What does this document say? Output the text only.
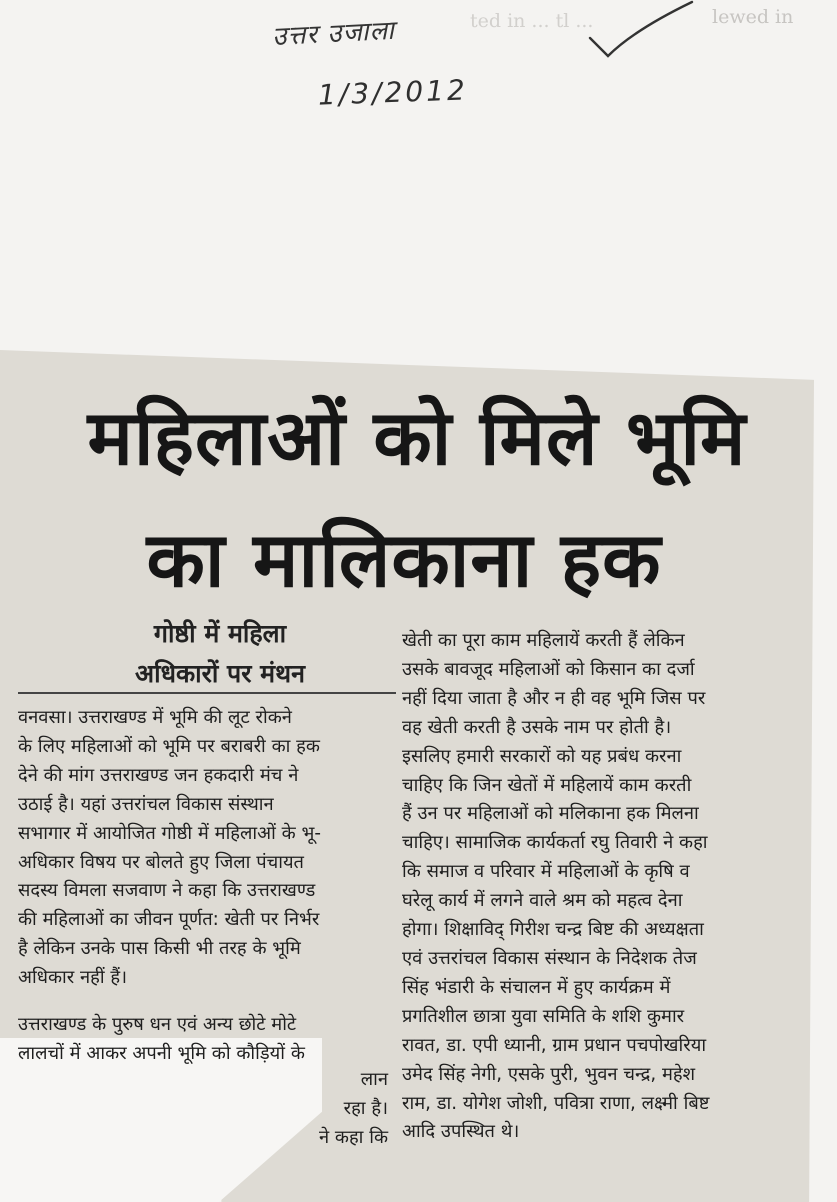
ted in ... tl ...	lewed in
उत्तर उजाला
1/3/2012
महिलाओं को मिले भूमि
का मालिकाना हक
गोष्ठी में महिला
अधिकारों पर मंथन

वनवसा। उत्तराखण्ड में भूमि की लूट रोकने
के लिए महिलाओं को भूमि पर बराबरी का हक
देने की मांग उत्तराखण्ड जन हकदारी मंच ने
उठाई है। यहां उत्तरांचल विकास संस्थान
सभागार में आयोजित गोष्ठी में महिलाओं के भू-
अधिकार विषय पर बोलते हुए जिला पंचायत
सदस्य विमला सजवाण ने कहा कि उत्तराखण्ड
की महिलाओं का जीवन पूर्णत: खेती पर निर्भर
है लेकिन उनके पास किसी भी तरह के भूमि
अधिकार नहीं हैं।

उत्तराखण्ड के पुरुष धन एवं अन्य छोटे मोटे
लालचों में आकर अपनी भूमि को कौड़ियों के

लान
रहा है।
ने कहा कि

खेती का पूरा काम महिलायें करती हैं लेकिन
उसके बावजूद महिलाओं को किसान का दर्जा
नहीं दिया जाता है और न ही वह भूमि जिस पर
वह खेती करती है उसके नाम पर होती है।
इसलिए हमारी सरकारों को यह प्रबंध करना
चाहिए कि जिन खेतों में महिलायें काम करती
हैं उन पर महिलाओं को मलिकाना हक मिलना
चाहिए। सामाजिक कार्यकर्ता रघु तिवारी ने कहा
कि समाज व परिवार में महिलाओं के कृषि व
घरेलू कार्य में लगने वाले श्रम को महत्व देना
होगा। शिक्षाविद् गिरीश चन्द्र बिष्ट की अध्यक्षता
एवं उत्तरांचल विकास संस्थान के निदेशक तेज
सिंह भंडारी के संचालन में हुए कार्यक्रम में
प्रगतिशील छात्रा युवा समिति के शशि कुमार
रावत, डा. एपी ध्यानी, ग्राम प्रधान पचपोखरिया
उमेद सिंह नेगी, एसके पुरी, भुवन चन्द्र, महेश
राम, डा. योगेश जोशी, पवित्रा राणा, लक्ष्मी बिष्ट
आदि उपस्थित थे।
